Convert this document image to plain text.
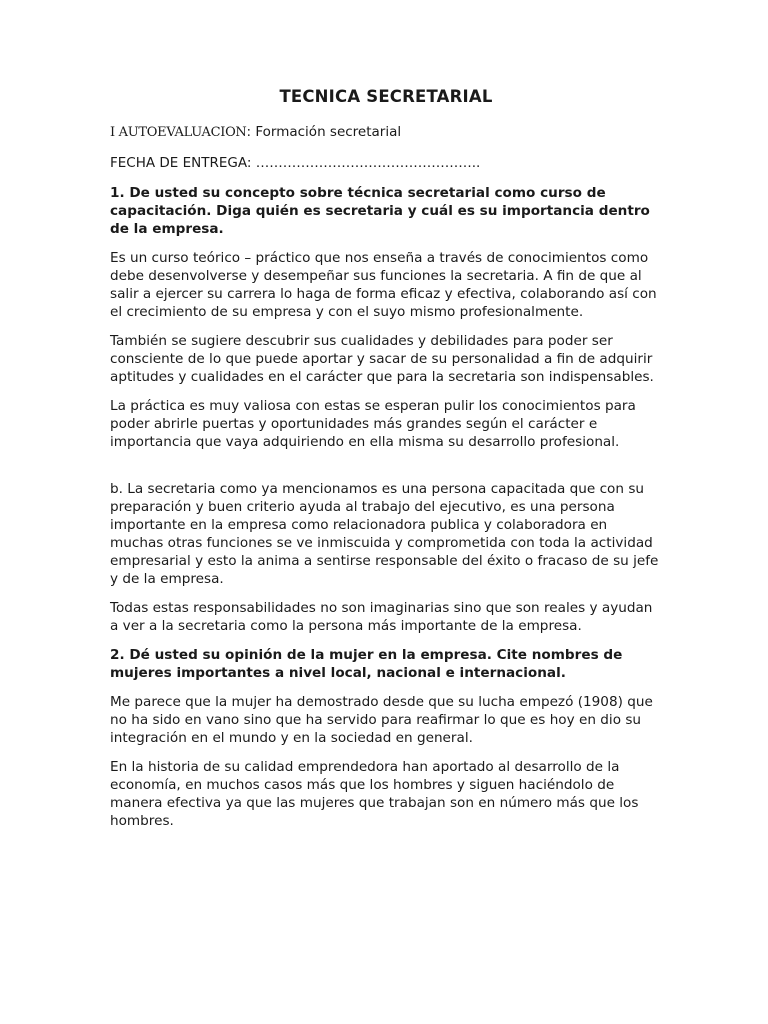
TECNICA SECRETARIAL
I AUTOEVALUACION: Formación secretarial
FECHA DE ENTREGA: …………………………………………..
1. De usted su concepto sobre técnica secretarial como curso de capacitación. Diga quién es secretaria y cuál es su importancia dentro de la empresa.
Es un curso teórico – práctico que nos enseña a través de conocimientos como debe desenvolverse y desempeñar sus funciones la secretaria. A fin de que al salir a ejercer su carrera lo haga de forma eficaz y efectiva, colaborando así con el crecimiento de su empresa y con el suyo mismo profesionalmente.
También se sugiere descubrir sus cualidades y debilidades para poder ser consciente de lo que puede aportar y sacar de su personalidad a fin de adquirir aptitudes y cualidades en el carácter que para la secretaria son indispensables.
La práctica es muy valiosa con estas se esperan pulir los conocimientos para poder abrirle puertas y oportunidades más grandes según el carácter e importancia que vaya adquiriendo en ella misma su desarrollo profesional.
b. La secretaria como ya mencionamos es una persona capacitada que con su preparación y buen criterio ayuda al trabajo del ejecutivo, es una persona importante en la empresa como relacionadora publica y colaboradora en muchas otras funciones se ve inmiscuida y comprometida con toda la actividad empresarial y esto la anima a sentirse responsable del éxito o fracaso de su jefe y de la empresa.
Todas estas responsabilidades no son imaginarias sino que son reales y ayudan a ver a la secretaria como la persona más importante de la empresa.
2. Dé usted su opinión de la mujer en la empresa. Cite nombres de mujeres importantes a nivel local, nacional e internacional.
Me parece que la mujer ha demostrado desde que su lucha empezó (1908) que no ha sido en vano sino que ha servido para reafirmar lo que es hoy en dio su integración en el mundo y en la sociedad en general.
En la historia de su calidad emprendedora han aportado al desarrollo de la economía, en muchos casos más que los hombres y siguen haciéndolo de manera efectiva ya que las mujeres que trabajan son en número más que los hombres.
